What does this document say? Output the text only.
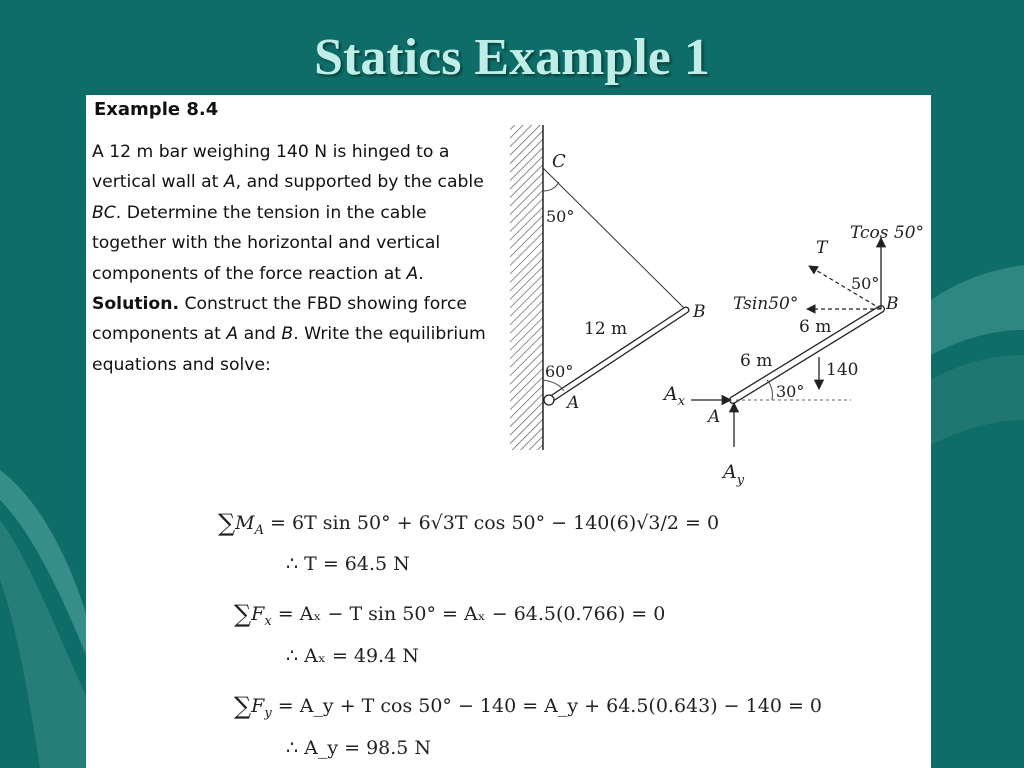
Statics Example 1
Example 8.4

A 12 m bar weighing 140 N is hinged to a vertical wall at A, and supported by the cable BC. Determine the tension in the cable together with the horizontal and vertical components of the force reaction at A.
Solution. Construct the FBD showing force components at A and B. Write the equilibrium equations and solve:

C
50°
B
12 m
60°
A
Tcos 50°
T
50°
Tsin50°	B
6 m
6 m	140
30°
$A_x$
A
$A_y$
$\sum M_A = 6T$ sin 50° + 6√3T cos 50° − 140(6)√3/2 = 0
∴ T = 64.5 N
$\sum F_x = A_x - T$ sin 50° = Aₓ − 64.5(0.766) = 0
∴ Aₓ = 49.4 N
$\sum F_y$ = A_y + T cos 50° − 140 = A_y + 64.5(0.643) − 140 = 0
∴ A_y = 98.5 N
